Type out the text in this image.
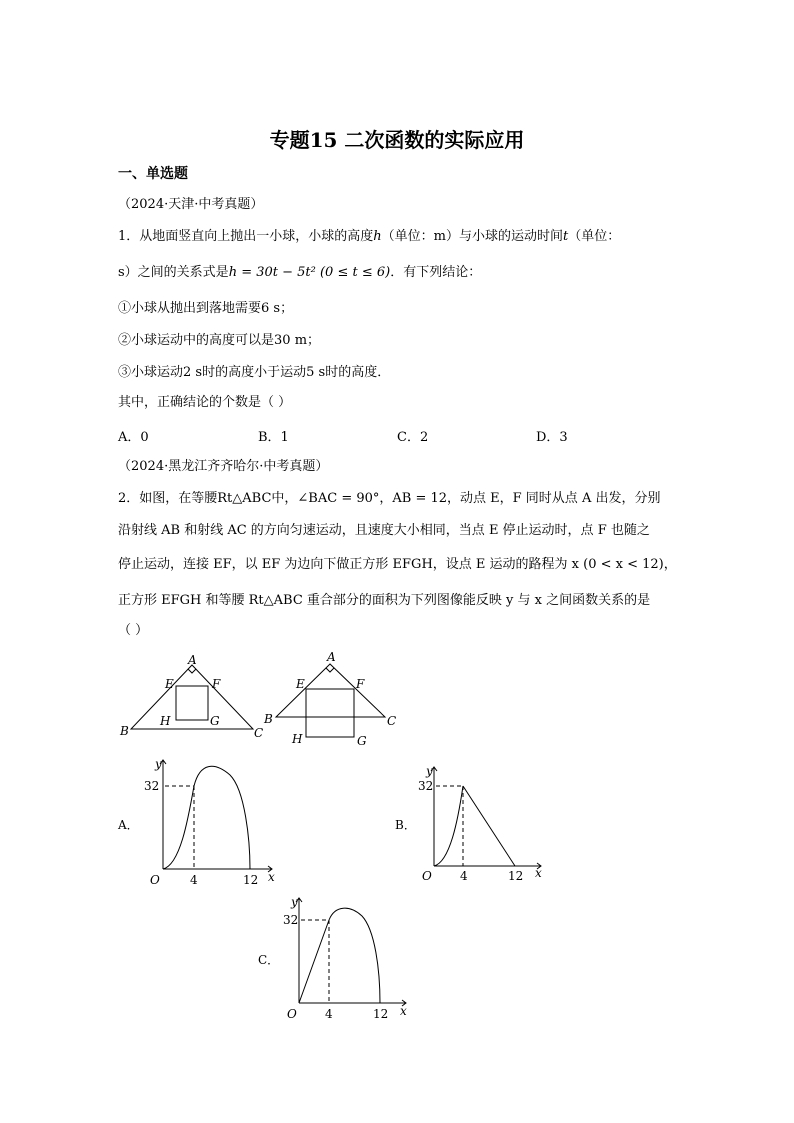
专题15 二次函数的实际应用
一、单选题
（2024·天津·中考真题）
1．从地面竖直向上抛出一小球，小球的高度h（单位：m）与小球的运动时间t（单位：
s）之间的关系式是h = 30t − 5t² (0 ≤ t ≤ 6)．有下列结论：
①小球从抛出到落地需要6 s；
②小球运动中的高度可以是30 m；
③小球运动2 s时的高度小于运动5 s时的高度．
其中，正确结论的个数是（ ）
A．0	B．1	C．2	D．3
（2024·黑龙江齐齐哈尔·中考真题）
2．如图，在等腰Rt△ABC中，∠BAC = 90°，AB = 12，动点 E，F 同时从点 A 出发，分别
沿射线 AB 和射线 AC 的方向匀速运动，且速度大小相同，当点 E 停止运动时，点 F 也随之
停止运动，连接 EF，以 EF 为边向下做正方形 EFGH，设点 E 运动的路程为 x (0 < x < 12)，
正方形 EFGH 和等腰 Rt△ABC 重合部分的面积为下列图像能反映 y 与 x 之间函数关系的是
（ ）
A
E	F
B
H	G
C
A
E	F
B	C
H	G
A．
y
32
O	4	12 x
B．
y
32
O 4	12 x
C．
y
32
O 4	12 x
